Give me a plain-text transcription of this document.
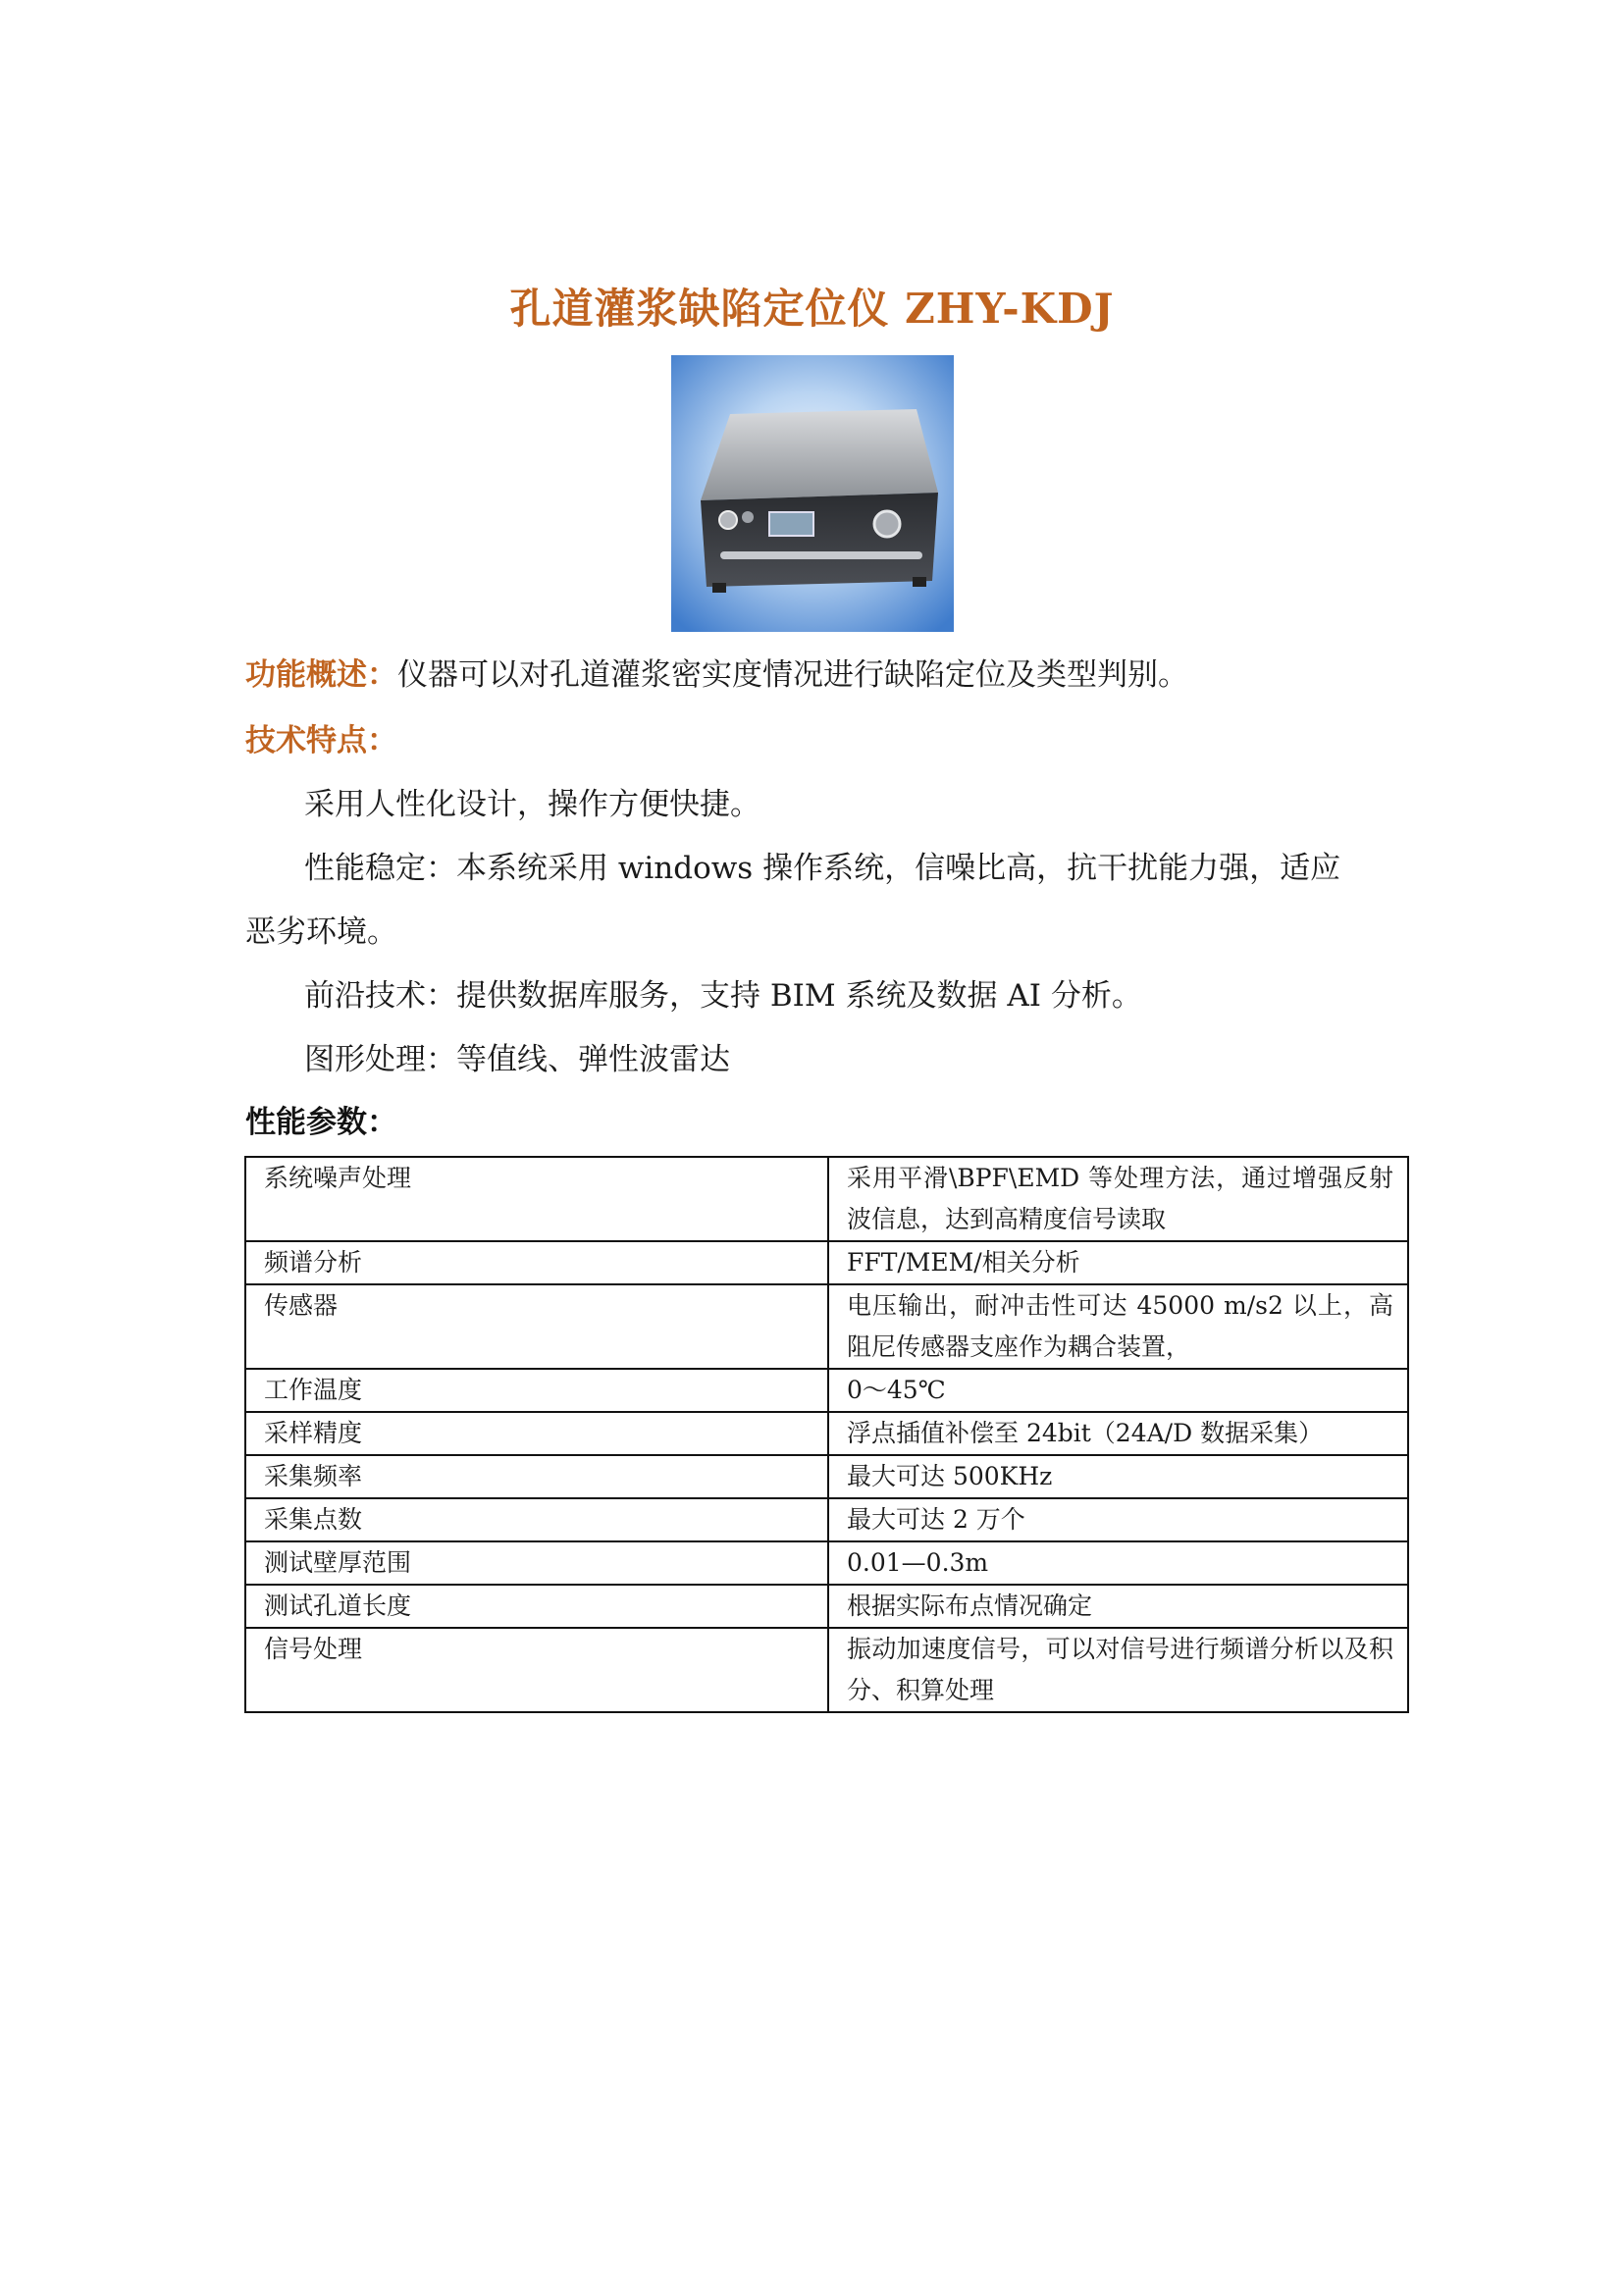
孔道灌浆缺陷定位仪 ZHY-KDJ
功能概述：仪器可以对孔道灌浆密实度情况进行缺陷定位及类型判别。
技术特点：
采用人性化设计，操作方便快捷。
性能稳定：本系统采用 windows 操作系统，信噪比高，抗干扰能力强，适应
恶劣环境。
前沿技术：提供数据库服务，支持 BIM 系统及数据 AI 分析。
图形处理：等值线、弹性波雷达
性能参数：
系统噪声处理	采用平滑\BPF\EMD 等处理方法，通过增强反射波信息，达到高精度信号读取
频谱分析	FFT/MEM/相关分析
传感器	电压输出，耐冲击性可达 45000 m/s2 以上，高阻尼传感器支座作为耦合装置，
工作温度	0～45℃
采样精度	浮点插值补偿至 24bit（24A/D 数据采集）
采集频率	最大可达 500KHz
采集点数	最大可达 2 万个
测试壁厚范围	0.01—0.3m
测试孔道长度	根据实际布点情况确定
信号处理	振动加速度信号，可以对信号进行频谱分析以及积分、积算处理
